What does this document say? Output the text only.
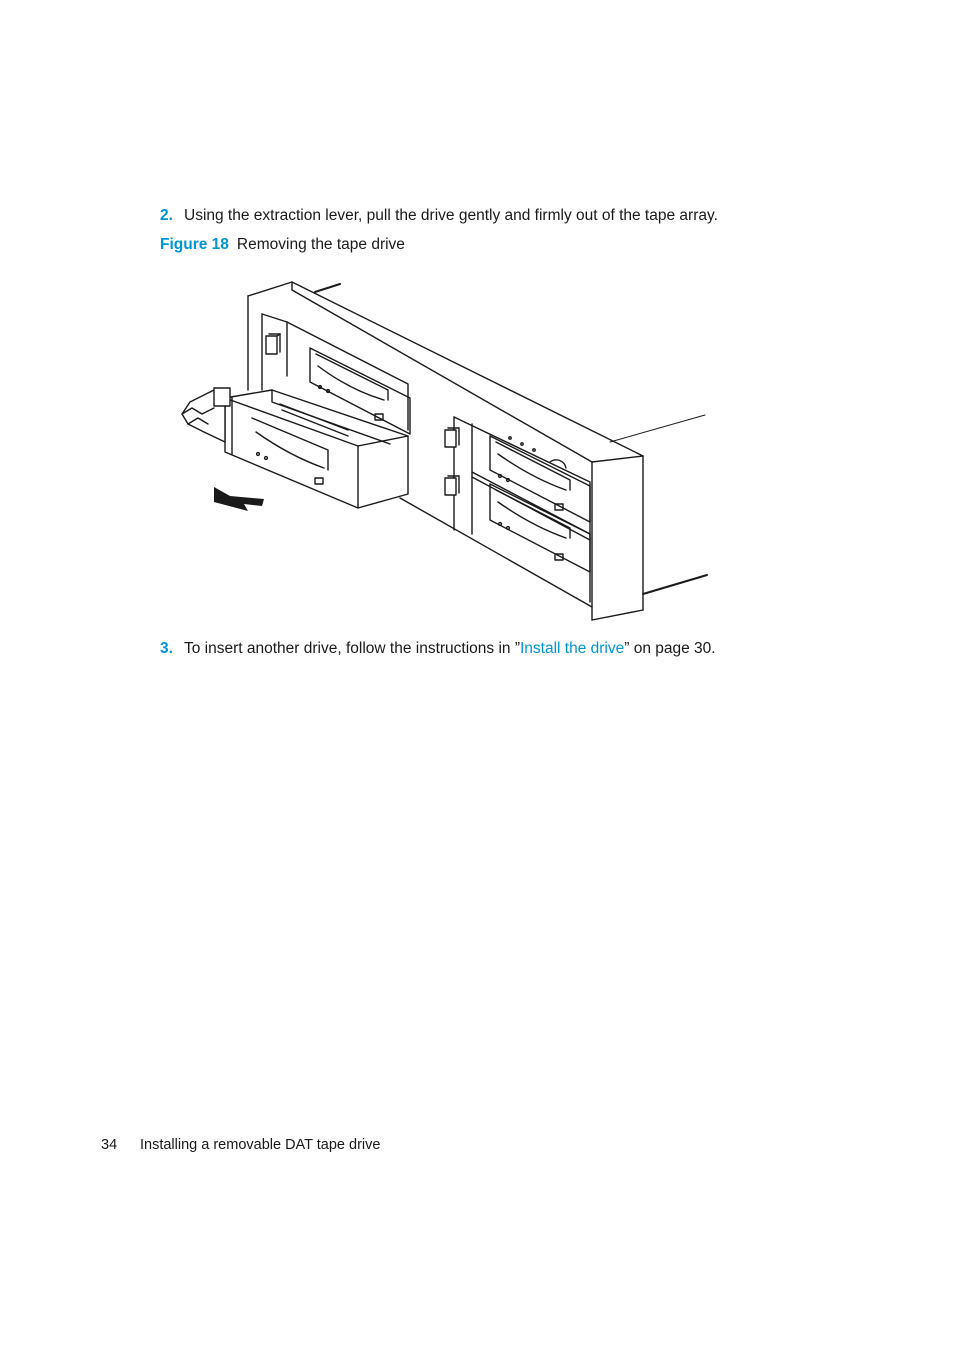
2. Using the extraction lever, pull the drive gently and firmly out of the tape array.
Figure 18 Removing the tape drive
3. To insert another drive, follow the instructions in ”Install the drive” on page 30.
34 Installing a removable DAT tape drive
